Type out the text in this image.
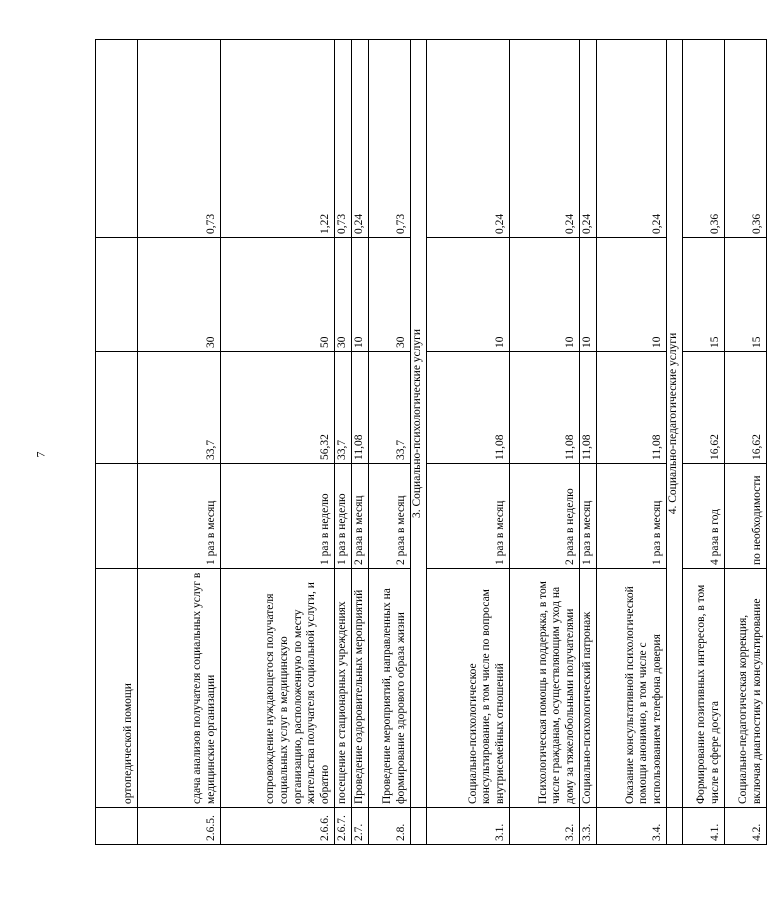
7
	ортопедической помощи				
2.6.5.	сдача анализов получателя социальных услуг в медицинские организации	1 раз в месяц	33,7	30	0,73
2.6.6.	сопровождение нуждающегося получателя социальных услуг в медицинскую организацию, расположенную по месту жительства получателя социальной услуги, и обратно	1 раз в неделю	56,32	50	1,22
2.6.7.	посещение в стационарных учреждениях	1 раз в неделю	33,7	30	0,73
2.7.	Проведение оздоровительных мероприятий	2 раза в месяц	11,08	10	0,24
2.8.	Проведение мероприятий, направленных на формирование здорового образа жизни	2 раза в месяц	33,7	30	0,73
	3. Социально-психологические услуги				
3.1.	Социально-психологическое консультирование, в том числе по вопросам внутрисемейных отношений	1 раз в месяц	11,08	10	0,24
3.2.	Психологическая помощь и поддержка, в том числе гражданам, осуществляющим уход на дому за тяжелобольными получателями	2 раза в неделю	11,08	10	0,24
3.3.	Социально-психологический патронаж	1 раз в месяц	11,08	10	0,24
3.4.	Оказание консультативной психологической помощи анонимно, в том числе с использованием телефона доверия	1 раз в месяц	11,08	10	0,24
	4. Социально-педагогические услуги				
4.1.	Формирование позитивных интересов, в том числе в сфере досуга	4 раза в год	16,62	15	0,36
4.2.	Социально-педагогическая коррекция, включая диагностику и консультирование	по необходимости	16,62	15	0,36
